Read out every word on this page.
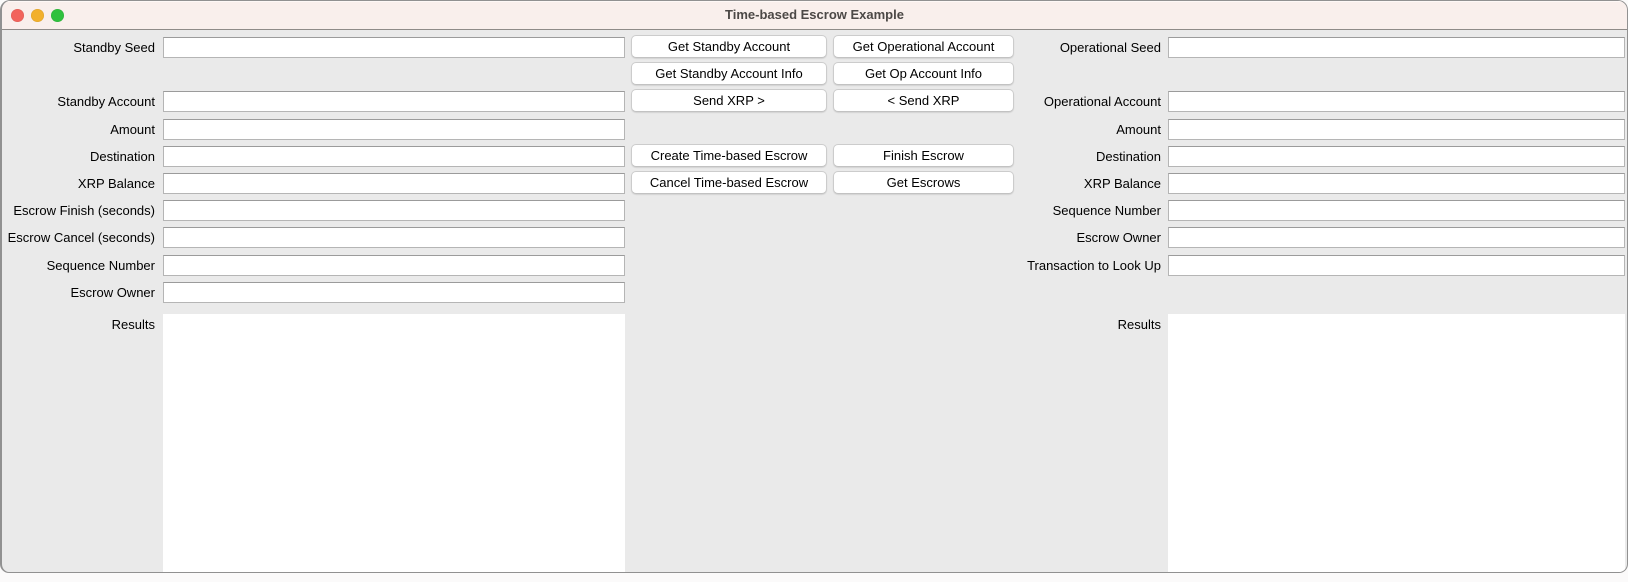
Time-based Escrow Example
Standby Seed
Standby Account
Amount
Destination
XRP Balance
Escrow Finish (seconds)
Escrow Cancel (seconds)
Sequence Number
Escrow Owner
Results
Get Standby Account
Get Standby Account Info
Send XRP >
Create Time-based Escrow
Cancel Time-based Escrow
Get Operational Account
Get Op Account Info
< Send XRP
Finish Escrow
Get Escrows
Operational Seed
Operational Account
Amount
Destination
XRP Balance
Sequence Number
Escrow Owner
Transaction to Look Up
Results
